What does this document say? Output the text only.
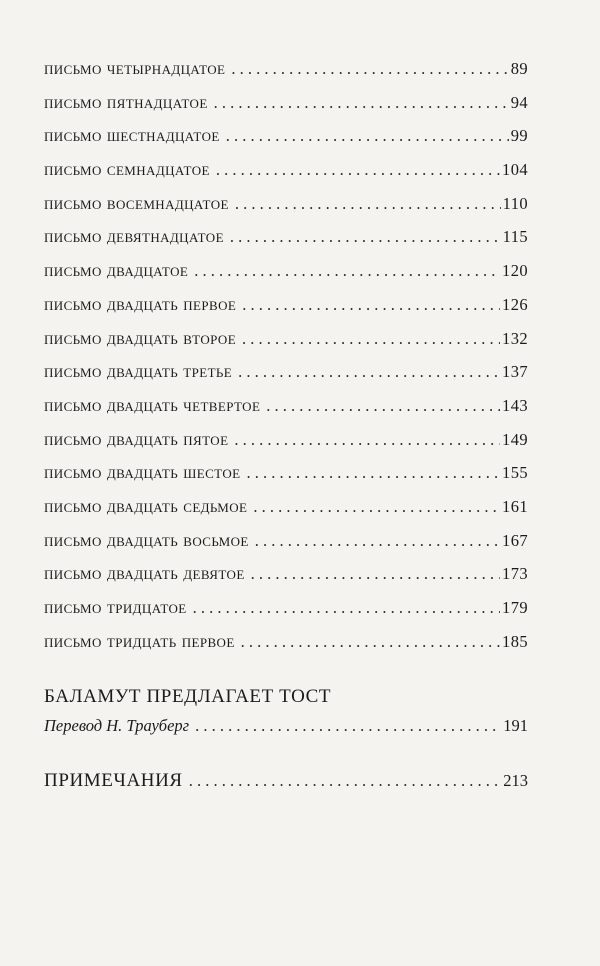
письмо четырнадцатое . . .	89
письмо пятнадцатое . . .	94
письмо шестнадцатое . . .	99
письмо семнадцатое . . .	104
письмо восемнадцатое . . .	110
письмо девятнадцатое . . .	115
письмо двадцатое . . .	120
письмо двадцать первое . . .	126
письмо двадцать второе . . .	132
письмо двадцать третье . . .	137
письмо двадцать четвертое . . .	143
письмо двадцать пятое . . .	149
письмо двадцать шестое . . .	155
письмо двадцать седьмое . . .	161
письмо двадцать восьмое . . .	167
письмо двадцать девятое . . .	173
письмо тридцатое . . .	179
письмо тридцать первое . . .	185
БАЛАМУТ ПРЕДЛАГАЕТ ТОСТ
Перевод Н. Трауберг . . .	191
ПРИМЕЧАНИЯ . . .	213
